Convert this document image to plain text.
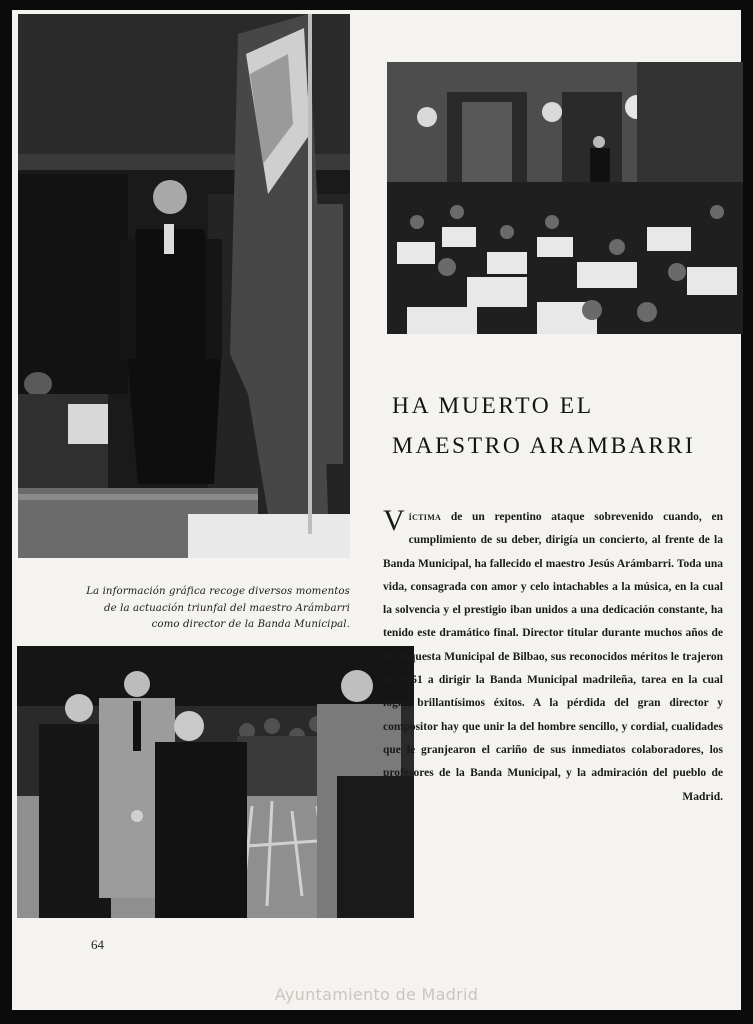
La información gráfica recoge diversos momentos de la actuación triunfal del maestro Arámbarri como director de la Banda Municipal.

HA MUERTO EL
MAESTRO ARAMBARRI
Víctima de un repentino ataque sobrevenido cuando, en cumplimiento de su deber, dirigía un concierto, al frente de la Banda Municipal, ha fallecido el maestro Jesús Arámbarri. Toda una vida, consagrada con amor y celo intachables a la música, en la cual la solvencia y el prestigio iban unidos a una dedicación constante, ha tenido este dramático final. Director titular durante muchos años de la Orquesta Municipal de Bilbao, sus reconocidos méritos le trajeron en 1951 a dirigir la Banda Municipal madrileña, tarea en la cual logró brillantísimos éxitos. A la pérdida del gran director y compositor hay que unir la del hombre sencillo, y cordial, cualidades que le granjearon el cariño de sus inmediatos colaboradores, los profesores de la Banda Municipal, y la admiración del pueblo de Madrid.
64
Ayuntamiento de Madrid
